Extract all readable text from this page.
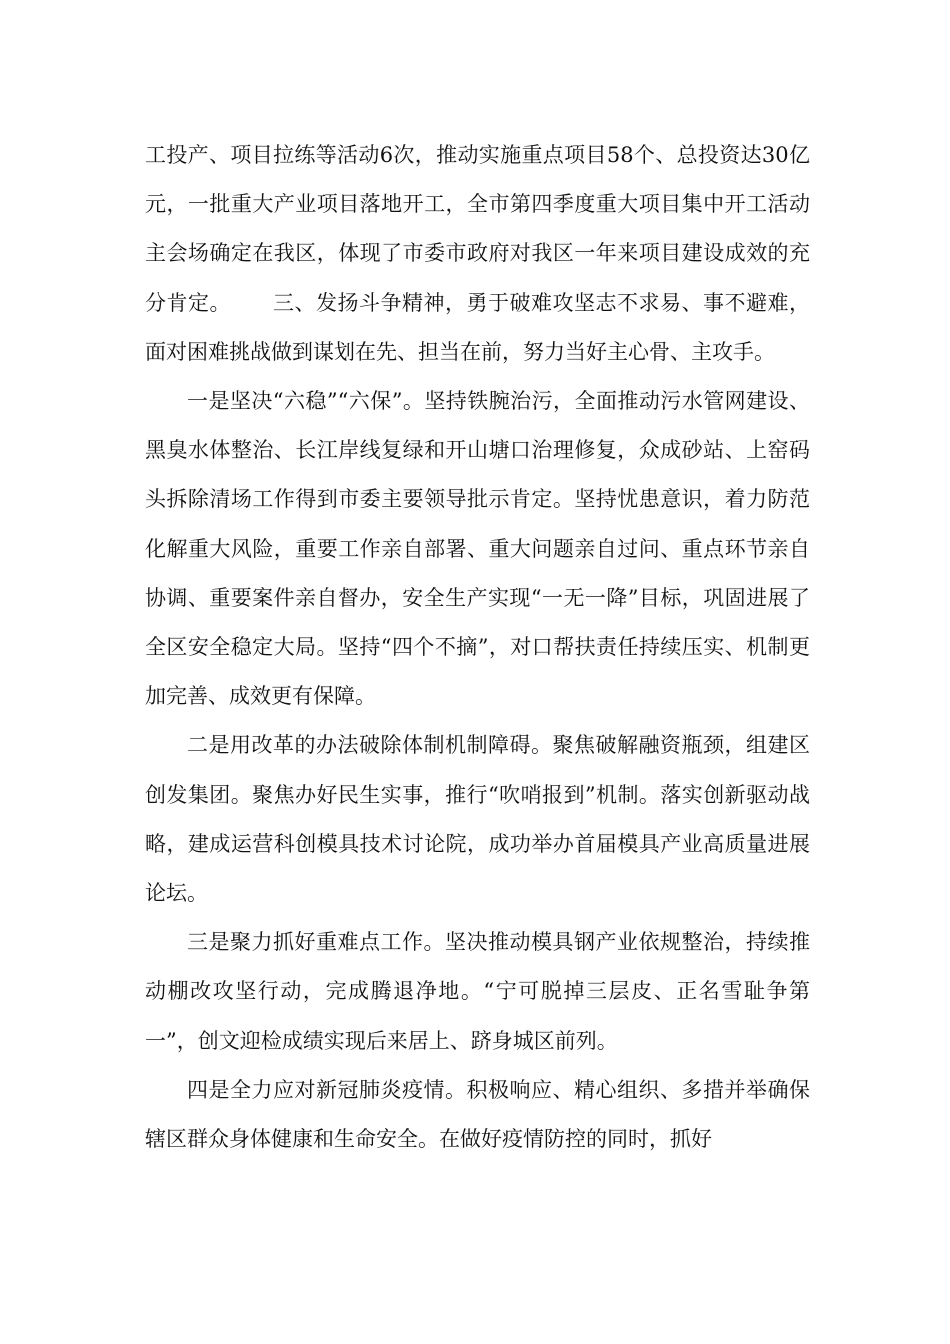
工投产、项目拉练等活动6次，推动实施重点项目58个、总投资达30亿元，一批重大产业项目落地开工，全市第四季度重大项目集中开工活动主会场确定在我区，体现了市委市政府对我区一年来项目建设成效的充分肯定。 三、发扬斗争精神，勇于破难攻坚志不求易、事不避难，面对困难挑战做到谋划在先、担当在前，努力当好主心骨、主攻手。

一是坚决“六稳”“六保”。坚持铁腕治污，全面推动污水管网建设、黑臭水体整治、长江岸线复绿和开山塘口治理修复，众成砂站、上窑码头拆除清场工作得到市委主要领导批示肯定。坚持忧患意识，着力防范化解重大风险，重要工作亲自部署、重大问题亲自过问、重点环节亲自协调、重要案件亲自督办，安全生产实现“一无一降”目标，巩固进展了全区安全稳定大局。坚持“四个不摘”，对口帮扶责任持续压实、机制更加完善、成效更有保障。

二是用改革的办法破除体制机制障碍。聚焦破解融资瓶颈，组建区创发集团。聚焦办好民生实事，推行“吹哨报到”机制。落实创新驱动战略，建成运营科创模具技术讨论院，成功举办首届模具产业高质量进展论坛。

三是聚力抓好重难点工作。坚决推动模具钢产业依规整治，持续推动棚改攻坚行动，完成腾退净地。“宁可脱掉三层皮、正名雪耻争第一”，创文迎检成绩实现后来居上、跻身城区前列。

四是全力应对新冠肺炎疫情。积极响应、精心组织、多措并举确保辖区群众身体健康和生命安全。在做好疫情防控的同时，抓好
